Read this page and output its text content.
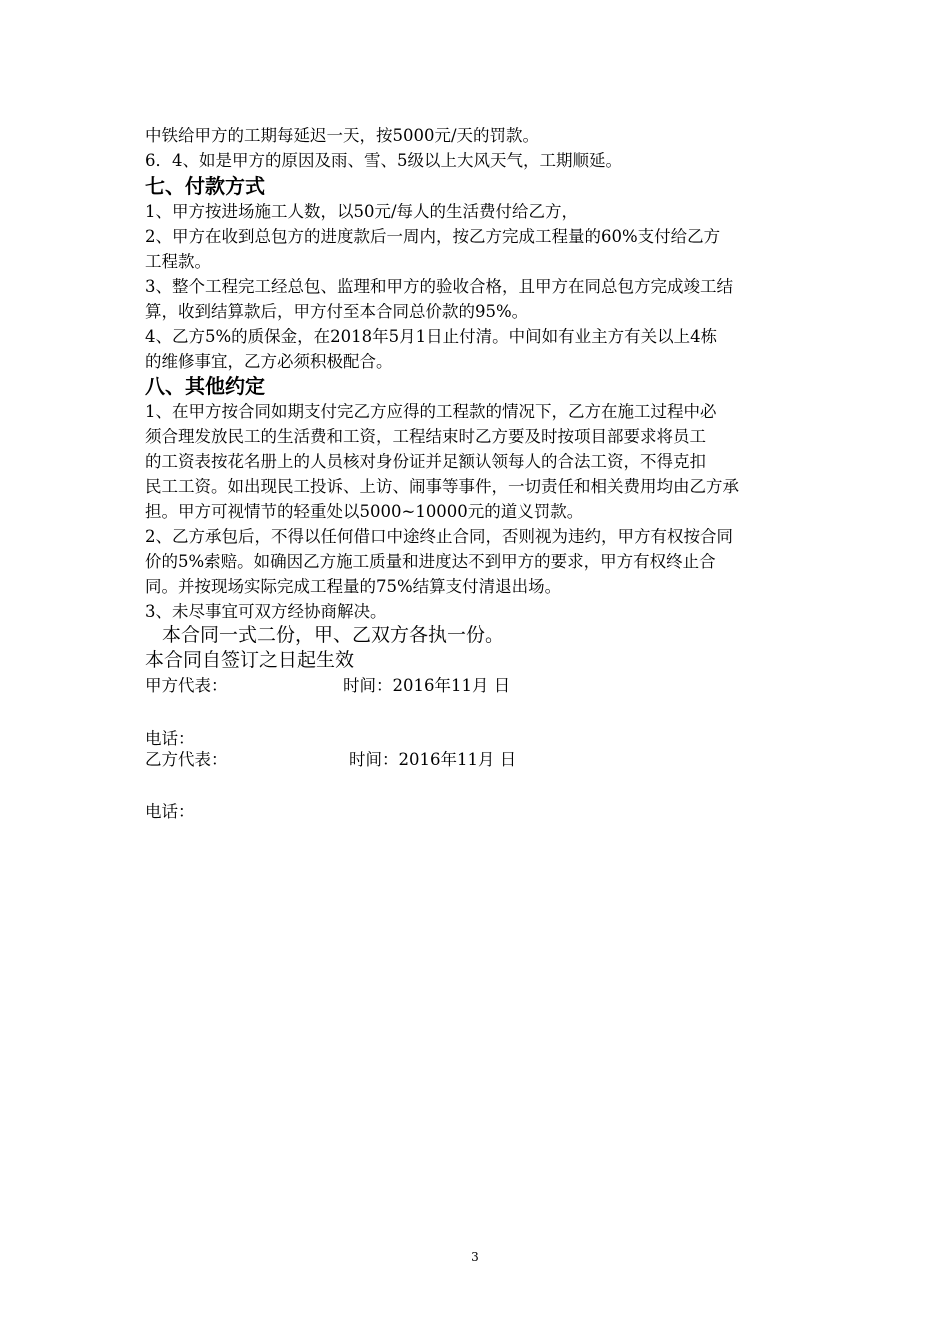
中铁给甲方的工期每延迟一天，按5000元/天的罚款。
6．4、如是甲方的原因及雨、雪、5级以上大风天气，工期顺延。
七、付款方式
1、甲方按进场施工人数，以50元/每人的生活费付给乙方，
2、甲方在收到总包方的进度款后一周内，按乙方完成工程量的60%支付给乙方
工程款。
3、整个工程完工经总包、监理和甲方的验收合格，且甲方在同总包方完成竣工结
算，收到结算款后，甲方付至本合同总价款的95%。
4、乙方5%的质保金，在2018年5月1日止付清。中间如有业主方有关以上4栋
的维修事宜，乙方必须积极配合。
八、其他约定
1、在甲方按合同如期支付完乙方应得的工程款的情况下，乙方在施工过程中必
须合理发放民工的生活费和工资，工程结束时乙方要及时按项目部要求将员工
的工资表按花名册上的人员核对身份证并足额认领每人的合法工资，不得克扣
民工工资。如出现民工投诉、上访、闹事等事件，一切责任和相关费用均由乙方承
担。甲方可视情节的轻重处以5000~10000元的道义罚款。
2、乙方承包后，不得以任何借口中途终止合同，否则视为违约，甲方有权按合同
价的5%索赔。如确因乙方施工质量和进度达不到甲方的要求，甲方有权终止合
同。并按现场实际完成工程量的75%结算支付清退出场。
3、未尽事宜可双方经协商解决。
本合同一式二份，甲、乙双方各执一份。
本合同自签订之日起生效
甲方代表：	时间：2016年11月 日
电话：
乙方代表：	时间：2016年11月 日
电话：
3
